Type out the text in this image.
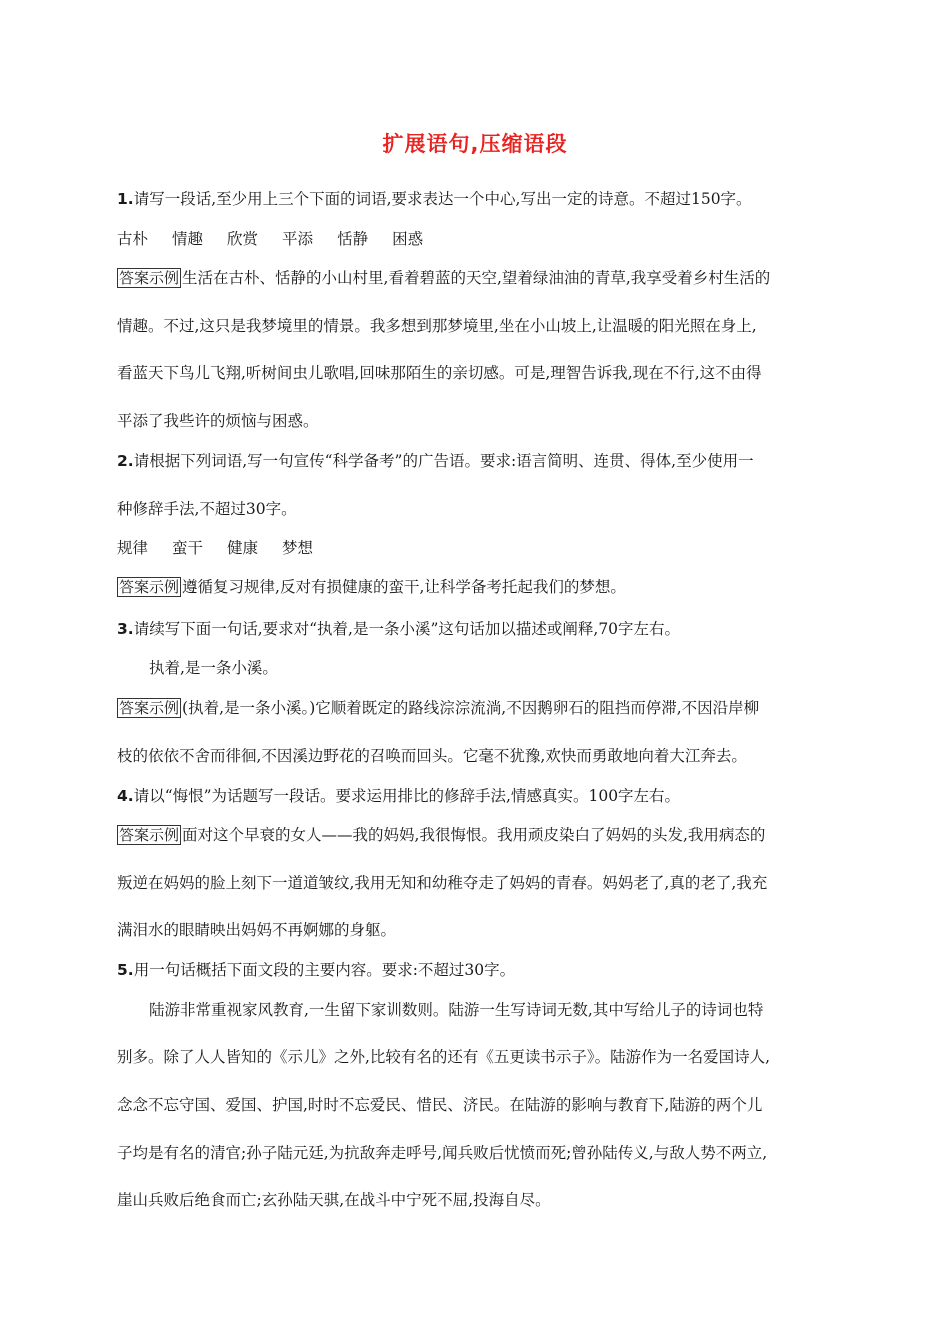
扩展语句,压缩语段
1.请写一段话,至少用上三个下面的词语,要求表达一个中心,写出一定的诗意。不超过150字。
古朴 情趣 欣赏 平添 恬静 困惑
答案示例 生活在古朴、恬静的小山村里,看着碧蓝的天空,望着绿油油的青草,我享受着乡村生活的
情趣。不过,这只是我梦境里的情景。我多想到那梦境里,坐在小山坡上,让温暖的阳光照在身上,
看蓝天下鸟儿飞翔,听树间虫儿歌唱,回味那陌生的亲切感。可是,理智告诉我,现在不行,这不由得
平添了我些许的烦恼与困惑。
2.请根据下列词语,写一句宣传“科学备考”的广告语。要求:语言简明、连贯、得体,至少使用一
种修辞手法,不超过30字。
规律 蛮干 健康 梦想
答案示例 遵循复习规律,反对有损健康的蛮干,让科学备考托起我们的梦想。
3.请续写下面一句话,要求对“执着,是一条小溪”这句话加以描述或阐释,70字左右。
执着,是一条小溪。
答案示例 (执着,是一条小溪。)它顺着既定的路线淙淙流淌,不因鹅卵石的阻挡而停滞,不因沿岸柳
枝的依依不舍而徘徊,不因溪边野花的召唤而回头。它毫不犹豫,欢快而勇敢地向着大江奔去。
4.请以“悔恨”为话题写一段话。要求运用排比的修辞手法,情感真实。100字左右。
答案示例 面对这个早衰的女人——我的妈妈,我很悔恨。我用顽皮染白了妈妈的头发,我用病态的
叛逆在妈妈的脸上刻下一道道皱纹,我用无知和幼稚夺走了妈妈的青春。妈妈老了,真的老了,我充
满泪水的眼睛映出妈妈不再婀娜的身躯。
5.用一句话概括下面文段的主要内容。要求:不超过30字。
陆游非常重视家风教育,一生留下家训数则。陆游一生写诗词无数,其中写给儿子的诗词也特
别多。除了人人皆知的《示儿》之外,比较有名的还有《五更读书示子》。陆游作为一名爱国诗人,
念念不忘守国、爱国、护国,时时不忘爱民、惜民、济民。在陆游的影响与教育下,陆游的两个儿
子均是有名的清官;孙子陆元廷,为抗敌奔走呼号,闻兵败后忧愤而死;曾孙陆传义,与敌人势不两立,
崖山兵败后绝食而亡;玄孙陆天骐,在战斗中宁死不屈,投海自尽。
